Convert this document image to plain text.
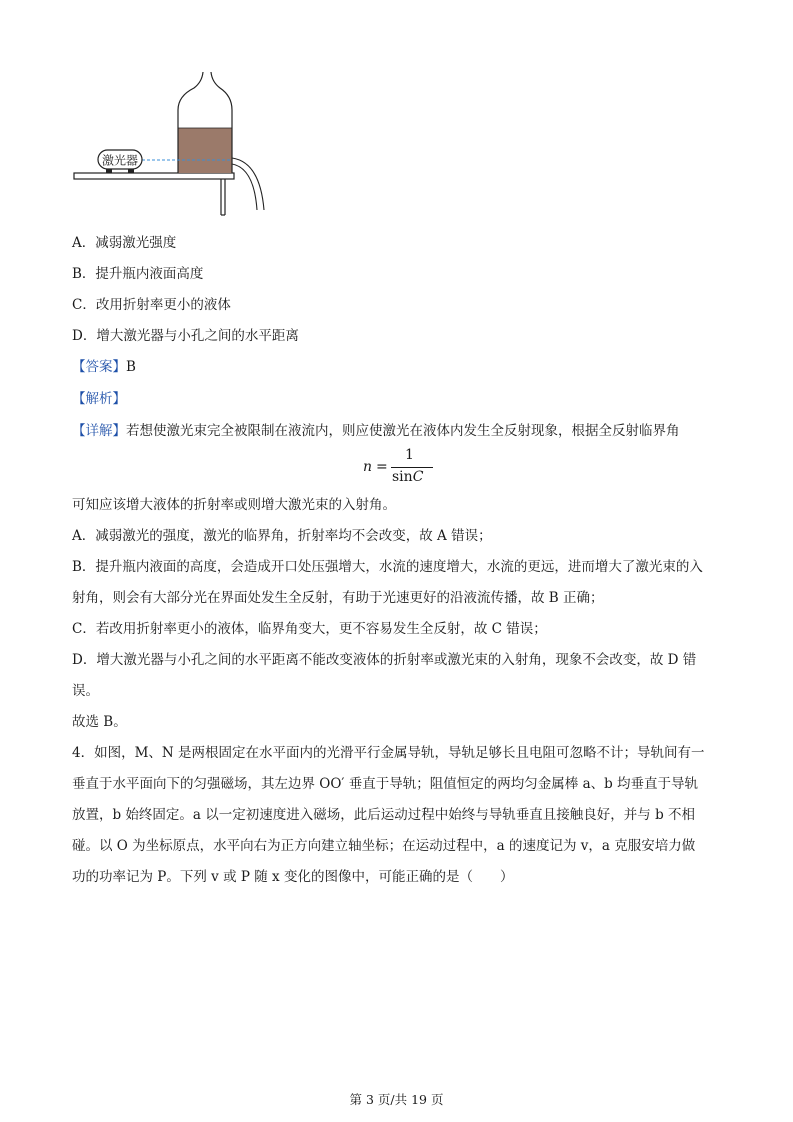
激光器
A．减弱激光强度
B．提升瓶内液面高度
C．改用折射率更小的液体
D．增大激光器与小孔之间的水平距离
【答案】B
【解析】
【详解】若想使激光束完全被限制在液流内，则应使激光在液体内发生全反射现象，根据全反射临界角
n =
1
sinC
可知应该增大液体的折射率或则增大激光束的入射角。
A．减弱激光的强度，激光的临界角，折射率均不会改变，故 A 错误；
B．提升瓶内液面的高度，会造成开口处压强增大，水流的速度增大，水流的更远，进而增大了激光束的入
射角，则会有大部分光在界面处发生全反射，有助于光速更好的沿液流传播，故 B 正确；
C．若改用折射率更小的液体，临界角变大，更不容易发生全反射，故 C 错误；
D．增大激光器与小孔之间的水平距离不能改变液体的折射率或激光束的入射角，现象不会改变，故 D 错
误。
故选 B。
4．如图，M、N 是两根固定在水平面内的光滑平行金属导轨，导轨足够长且电阻可忽略不计；导轨间有一
垂直于水平面向下的匀强磁场，其左边界 OO′ 垂直于导轨；阻值恒定的两均匀金属棒 a、b 均垂直于导轨
放置，b 始终固定。a 以一定初速度进入磁场，此后运动过程中始终与导轨垂直且接触良好，并与 b 不相
碰。以 O 为坐标原点，水平向右为正方向建立轴坐标；在运动过程中，a 的速度记为 v，a 克服安培力做
功的功率记为 P。下列 v 或 P 随 x 变化的图像中，可能正确的是（　　）
第 3 页/共 19 页
